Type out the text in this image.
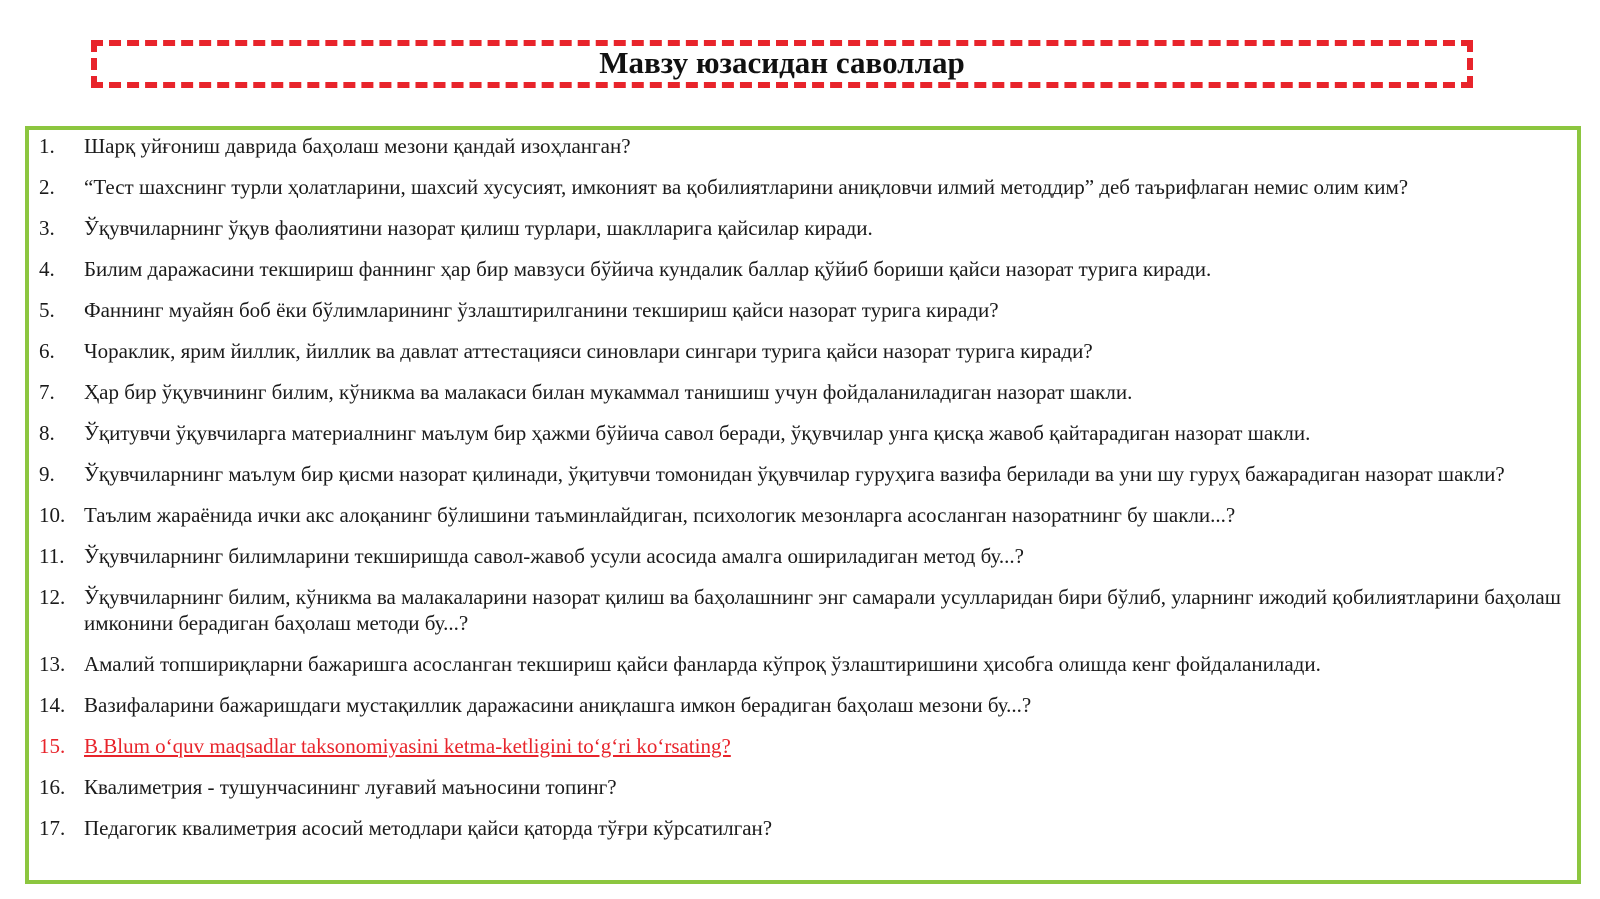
Мавзу юзасидан саволлар
1.	Шарқ уйғониш даврида баҳолаш мезони қандай изоҳланган?
2.	“Тест шахснинг турли ҳолатларини, шахсий хусусият, имконият ва қобилиятларини аниқловчи илмий методдир” деб таърифлаган немис олим ким?
3.	Ўқувчиларнинг ўқув фаолиятини назорат қилиш турлари, шаклларига қайсилар киради.
4.	Билим даражасини текшириш фаннинг ҳар бир мавзуси бўйича кундалик баллар қўйиб бориши қайси назорат турига киради.
5.	Фаннинг муайян боб ёки бўлимларининг ўзлаштирилганини текшириш қайси назорат турига киради?
6.	Чораклик, ярим йиллик, йиллик ва давлат аттестацияси синовлари сингари турига қайси назорат турига киради?
7.	Ҳар бир ўқувчининг билим, кўникма ва малакаси билан мукаммал танишиш учун фойдаланиладиган назорат шакли.
8.	Ўқитувчи ўқувчиларга материалнинг маълум бир ҳажми бўйича савол беради, ўқувчилар унга қисқа жавоб қайтарадиган назорат шакли.
9.	Ўқувчиларнинг маълум бир қисми назорат қилинади, ўқитувчи томонидан ўқувчилар гуруҳига вазифа берилади ва уни шу гуруҳ бажарадиган назорат шакли?
10. Таълим жараёнида ички акс алоқанинг бўлишини таъминлайдиган, психологик мезонларга асосланган назоратнинг бу шакли...?
11. Ўқувчиларнинг билимларини текширишда савол-жавоб усули асосида амалга ошириладиган метод бу...?
12. Ўқувчиларнинг билим, кўникма ва малакаларини назорат қилиш ва баҳолашнинг энг самарали усулларидан бири бўлиб, уларнинг ижодий қобилиятларини баҳолаш имконини берадиган баҳолаш методи бу...?
13. Амалий топшириқларни бажаришга асосланган текшириш қайси фанларда кўпроқ ўзлаштиришини ҳисобга олишда кенг фойдаланилади.
14. Вазифаларини бажаришдаги мустақиллик даражасини аниқлашга имкон берадиган баҳолаш мезони бу...?
15. B.Blum o‘quv maqsadlar taksonomiyasini ketma-ketligini to‘g‘ri ko‘rsating?
16. Квалиметрия - тушунчасининг луғавий маъносини топинг?
17. Педагогик квалиметрия асосий методлари қайси қаторда тўғри кўрсатилган?
